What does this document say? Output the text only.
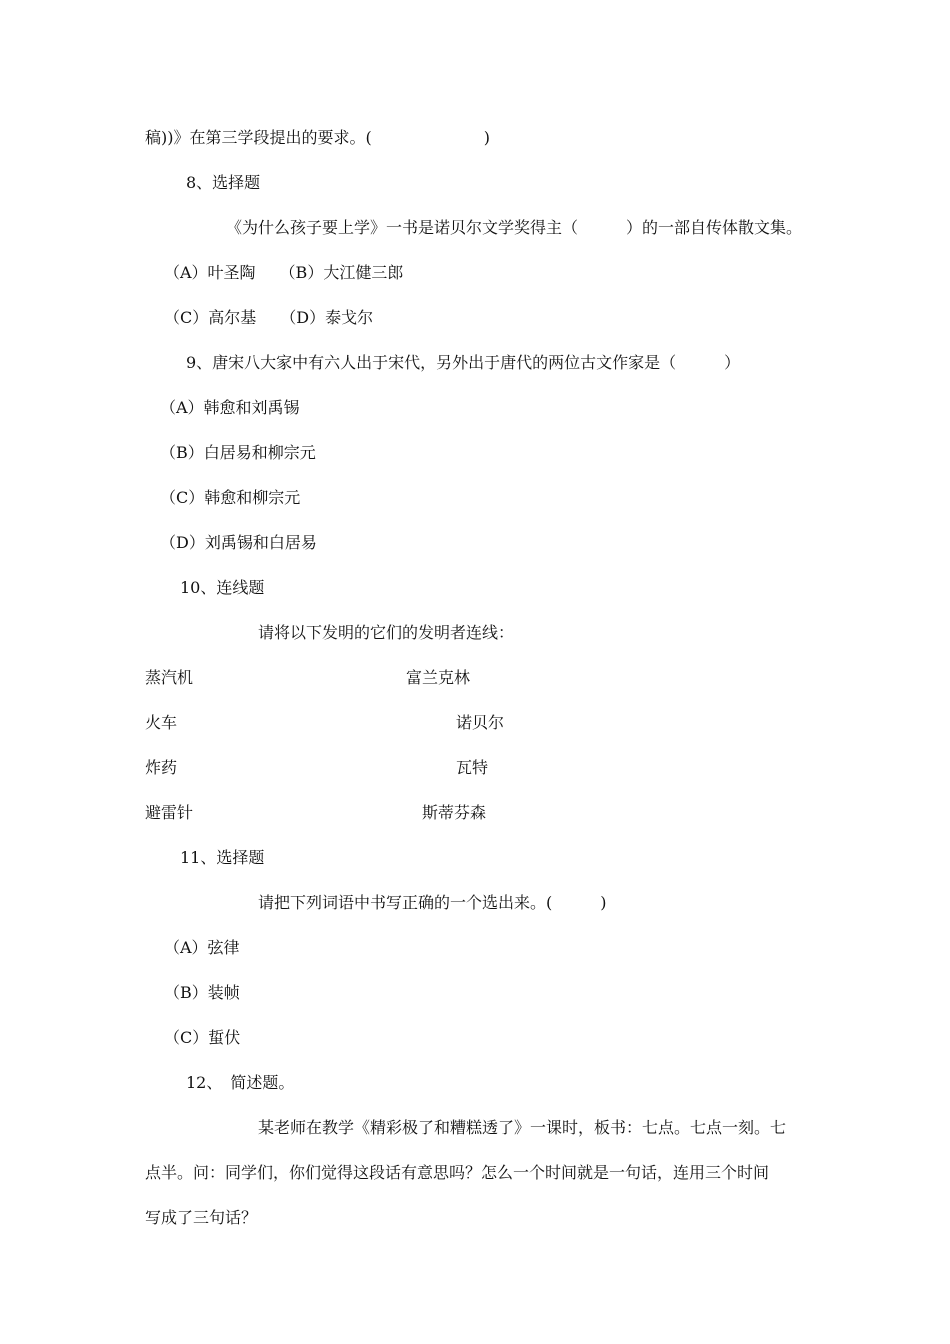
稿))》在第三学段提出的要求。(　　　　　　　)
8、选择题
《为什么孩子要上学》一书是诺贝尔文学奖得主（　　　）的一部自传体散文集。
（A）叶圣陶　　（B）大江健三郎
（C）高尔基　　（D）泰戈尔
9、唐宋八大家中有六人出于宋代，另外出于唐代的两位古文作家是（　　　）
（A）韩愈和刘禹锡
（B）白居易和柳宗元
（C）韩愈和柳宗元
（D）刘禹锡和白居易
10、连线题
请将以下发明的它们的发明者连线：
蒸汽机	富兰克林
火车	诺贝尔
炸药	瓦特
避雷针	斯蒂芬森
11、选择题
请把下列词语中书写正确的一个选出来。(　　　)
（A）弦律
（B）装帧
（C）蜇伏
12、　简述题。
某老师在教学《精彩极了和糟糕透了》一课时，板书：七点。七点一刻。七
点半。问：同学们，你们觉得这段话有意思吗？怎么一个时间就是一句话，连用三个时间
写成了三句话？
